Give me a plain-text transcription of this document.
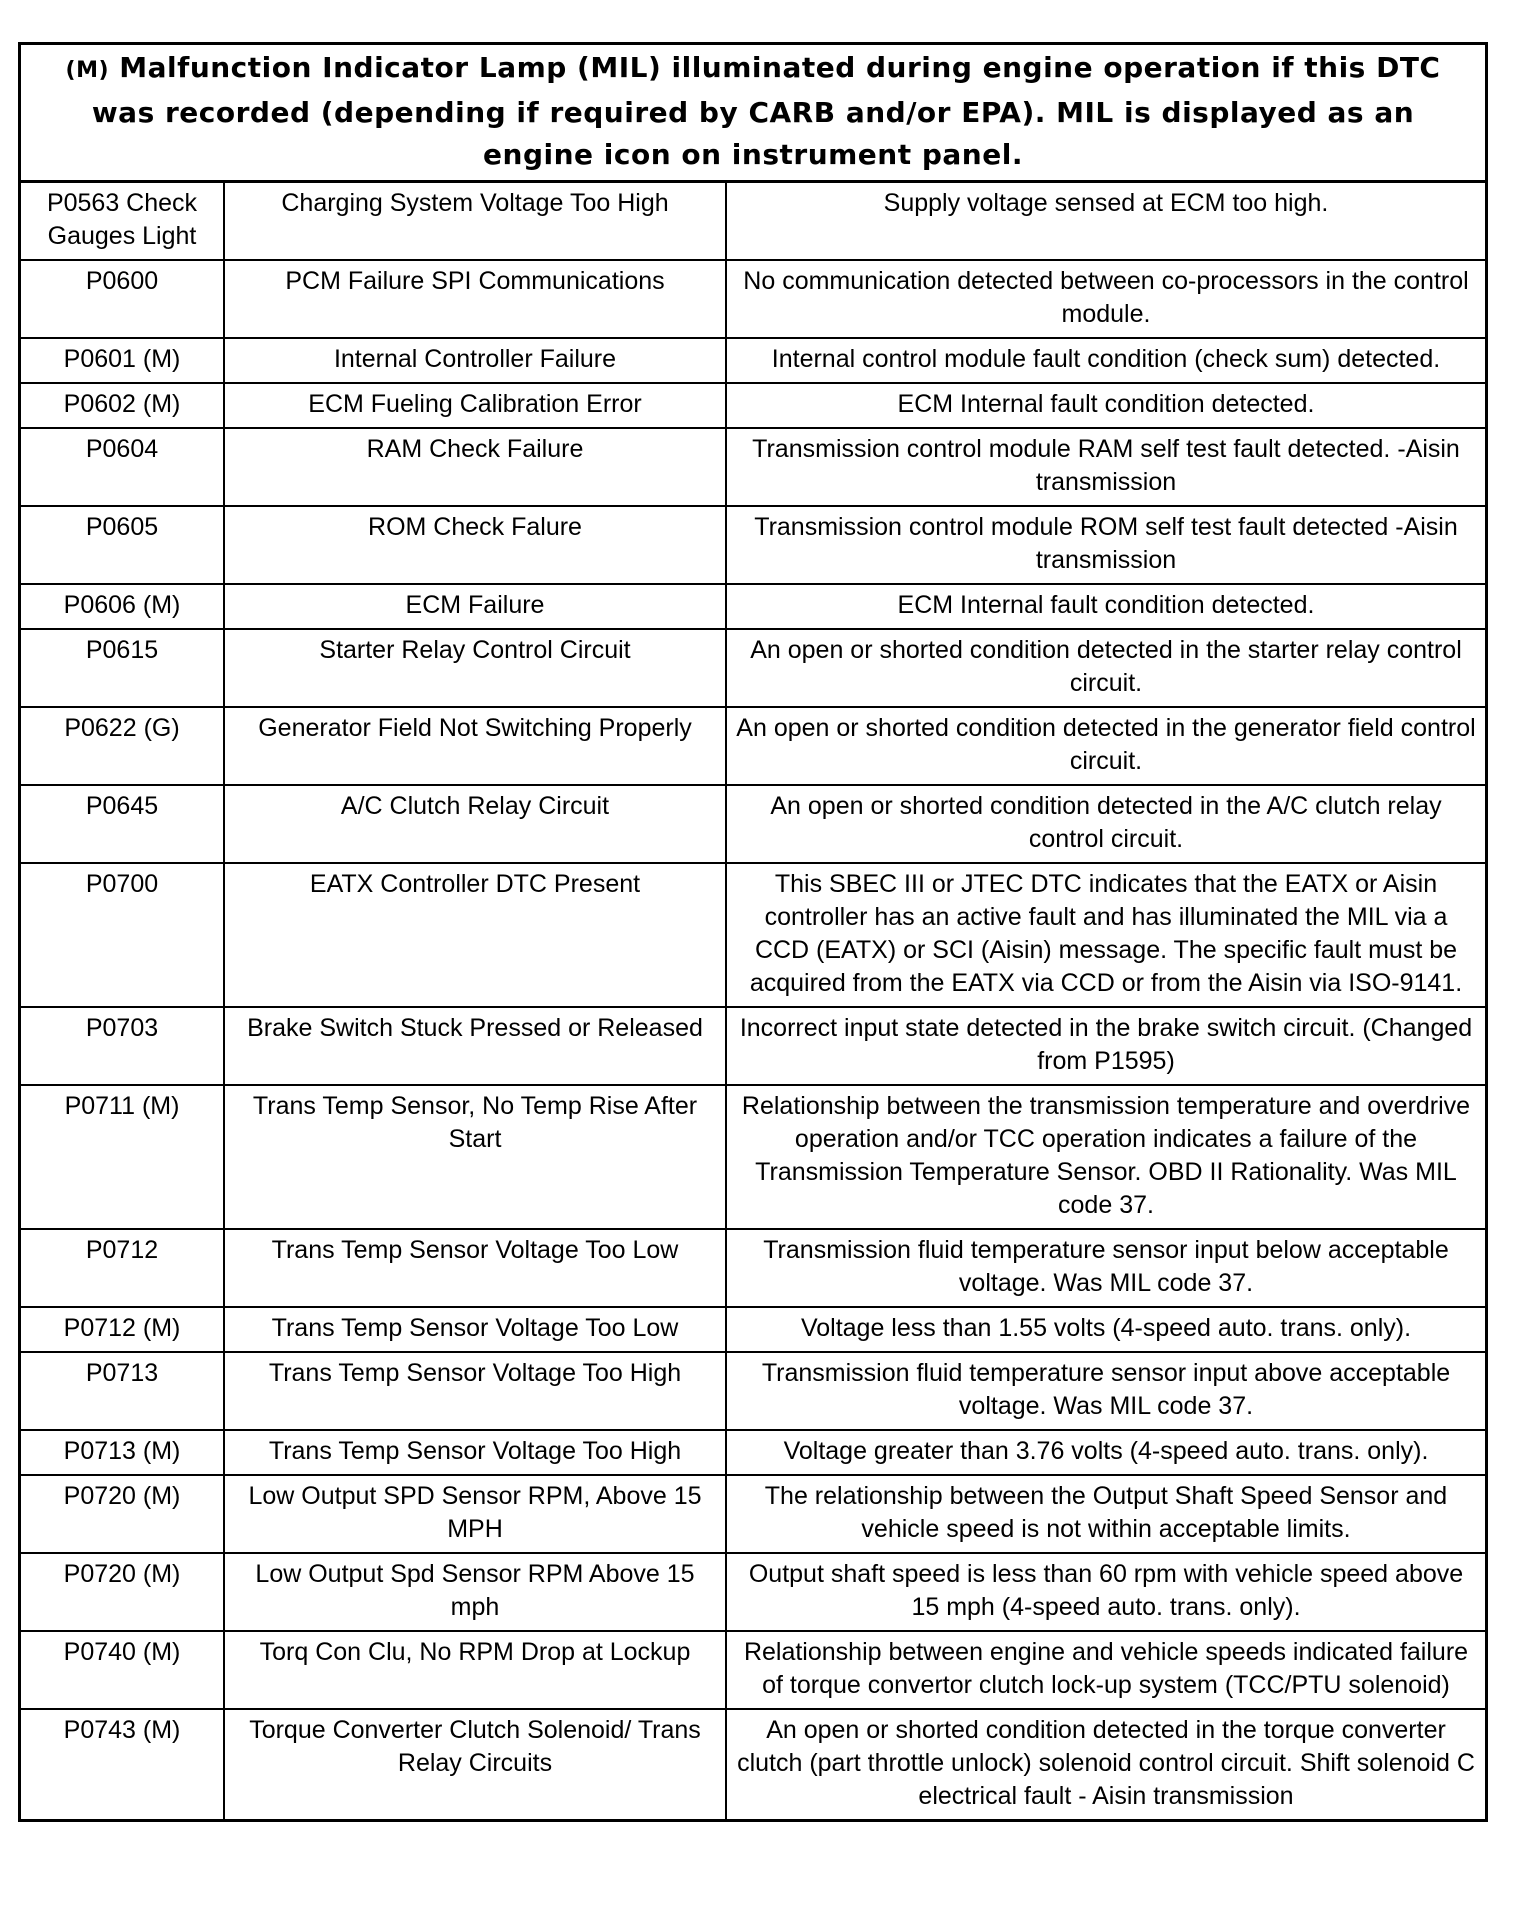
(M) Malfunction Indicator Lamp (MIL) illuminated during engine operation if this DTC was recorded (depending if required by CARB and/or EPA). MIL is displayed as an engine icon on instrument panel.
P0563 Check Gauges Light	Charging System Voltage Too High	Supply voltage sensed at ECM too high.
P0600	PCM Failure SPI Communications	No communication detected between co-processors in the control module.
P0601 (M)	Internal Controller Failure	Internal control module fault condition (check sum) detected.
P0602 (M)	ECM Fueling Calibration Error	ECM Internal fault condition detected.
P0604	RAM Check Failure	Transmission control module RAM self test fault detected. -Aisin transmission
P0605	ROM Check Falure	Transmission control module ROM self test fault detected -Aisin transmission
P0606 (M)	ECM Failure	ECM Internal fault condition detected.
P0615	Starter Relay Control Circuit	An open or shorted condition detected in the starter relay control circuit.
P0622 (G)	Generator Field Not Switching Properly	An open or shorted condition detected in the generator field control circuit.
P0645	A/C Clutch Relay Circuit	An open or shorted condition detected in the A/C clutch relay control circuit.
P0700	EATX Controller DTC Present	This SBEC III or JTEC DTC indicates that the EATX or Aisin controller has an active fault and has illuminated the MIL via a CCD (EATX) or SCI (Aisin) message. The specific fault must be acquired from the EATX via CCD or from the Aisin via ISO-9141.
P0703	Brake Switch Stuck Pressed or Released	Incorrect input state detected in the brake switch circuit. (Changed from P1595)
P0711 (M)	Trans Temp Sensor, No Temp Rise After Start	Relationship between the transmission temperature and overdrive operation and/or TCC operation indicates a failure of the Transmission Temperature Sensor. OBD II Rationality. Was MIL code 37.
P0712	Trans Temp Sensor Voltage Too Low	Transmission fluid temperature sensor input below acceptable voltage. Was MIL code 37.
P0712 (M)	Trans Temp Sensor Voltage Too Low	Voltage less than 1.55 volts (4-speed auto. trans. only).
P0713	Trans Temp Sensor Voltage Too High	Transmission fluid temperature sensor input above acceptable voltage. Was MIL code 37.
P0713 (M)	Trans Temp Sensor Voltage Too High	Voltage greater than 3.76 volts (4-speed auto. trans. only).
P0720 (M)	Low Output SPD Sensor RPM, Above 15 MPH	The relationship between the Output Shaft Speed Sensor and vehicle speed is not within acceptable limits.
P0720 (M)	Low Output Spd Sensor RPM Above 15 mph	Output shaft speed is less than 60 rpm with vehicle speed above 15 mph (4-speed auto. trans. only).
P0740 (M)	Torq Con Clu, No RPM Drop at Lockup	Relationship between engine and vehicle speeds indicated failure of torque convertor clutch lock-up system (TCC/PTU solenoid)
P0743 (M)	Torque Converter Clutch Solenoid/ Trans Relay Circuits	An open or shorted condition detected in the torque converter clutch (part throttle unlock) solenoid control circuit. Shift solenoid C electrical fault - Aisin transmission
